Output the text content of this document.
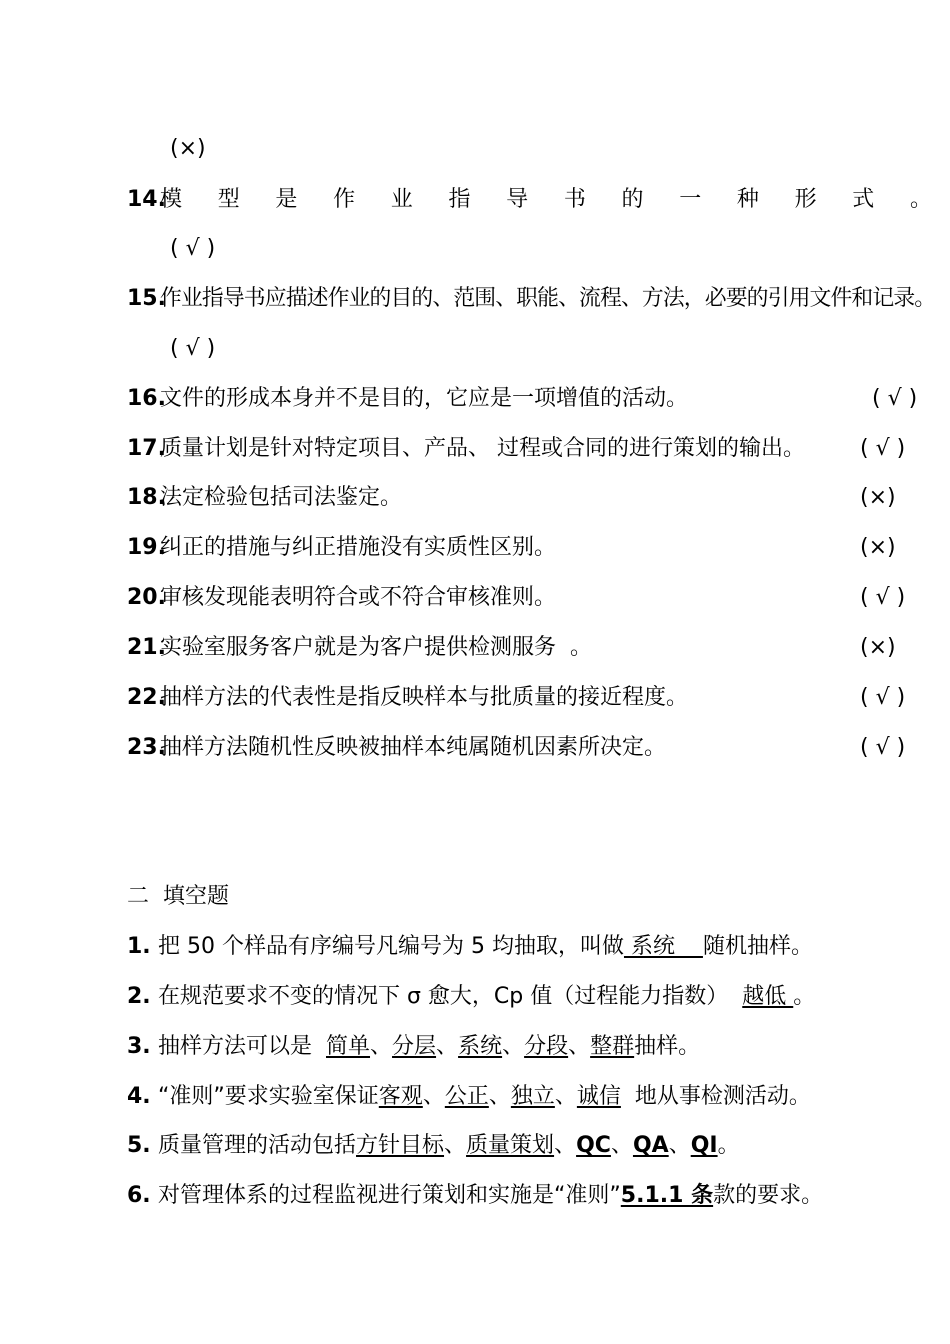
(×)
14.
模 型 是 作 业 指 导 书 的 一 种 形 式 。
( √ )
15.
作业指导书应描述作业的目的、范围、职能、流程、方法，必要的引用文件和记录。
( √ )
16.
文件的形成本身并不是目的，它应是一项增值的活动。	( √ )
17.
质量计划是针对特定项目、产品、 过程或合同的进行策划的输出。	( √ )
18.
法定检验包括司法鉴定。	(×)
19.
纠正的措施与纠正措施没有实质性区别。	(×)
20.
审核发现能表明符合或不符合审核准则。	( √ )
21.
实验室服务客户就是为客户提供检测服务  。	(×)
22.
抽样方法的代表性是指反映样本与批质量的接近程度。	( √ )
23.
抽样方法随机性反映被抽样本纯属随机因素所决定。	( √ )
二  填空题
1. 把 50 个样品有序编号凡编号为 5 均抽取，叫做 系统    随机抽样。
2. 在规范要求不变的情况下 σ 愈大，Cp 值（过程能力指数）  越低 。
3. 抽样方法可以是  简单、分层、系统、分段、整群抽样。
4. “准则”要求实验室保证客观、公正、独立、诚信  地从事检测活动。
5. 质量管理的活动包括方针目标、质量策划、QC、QA、QI。
6. 对管理体系的过程监视进行策划和实施是“准则”5.1.1 条款的要求。
